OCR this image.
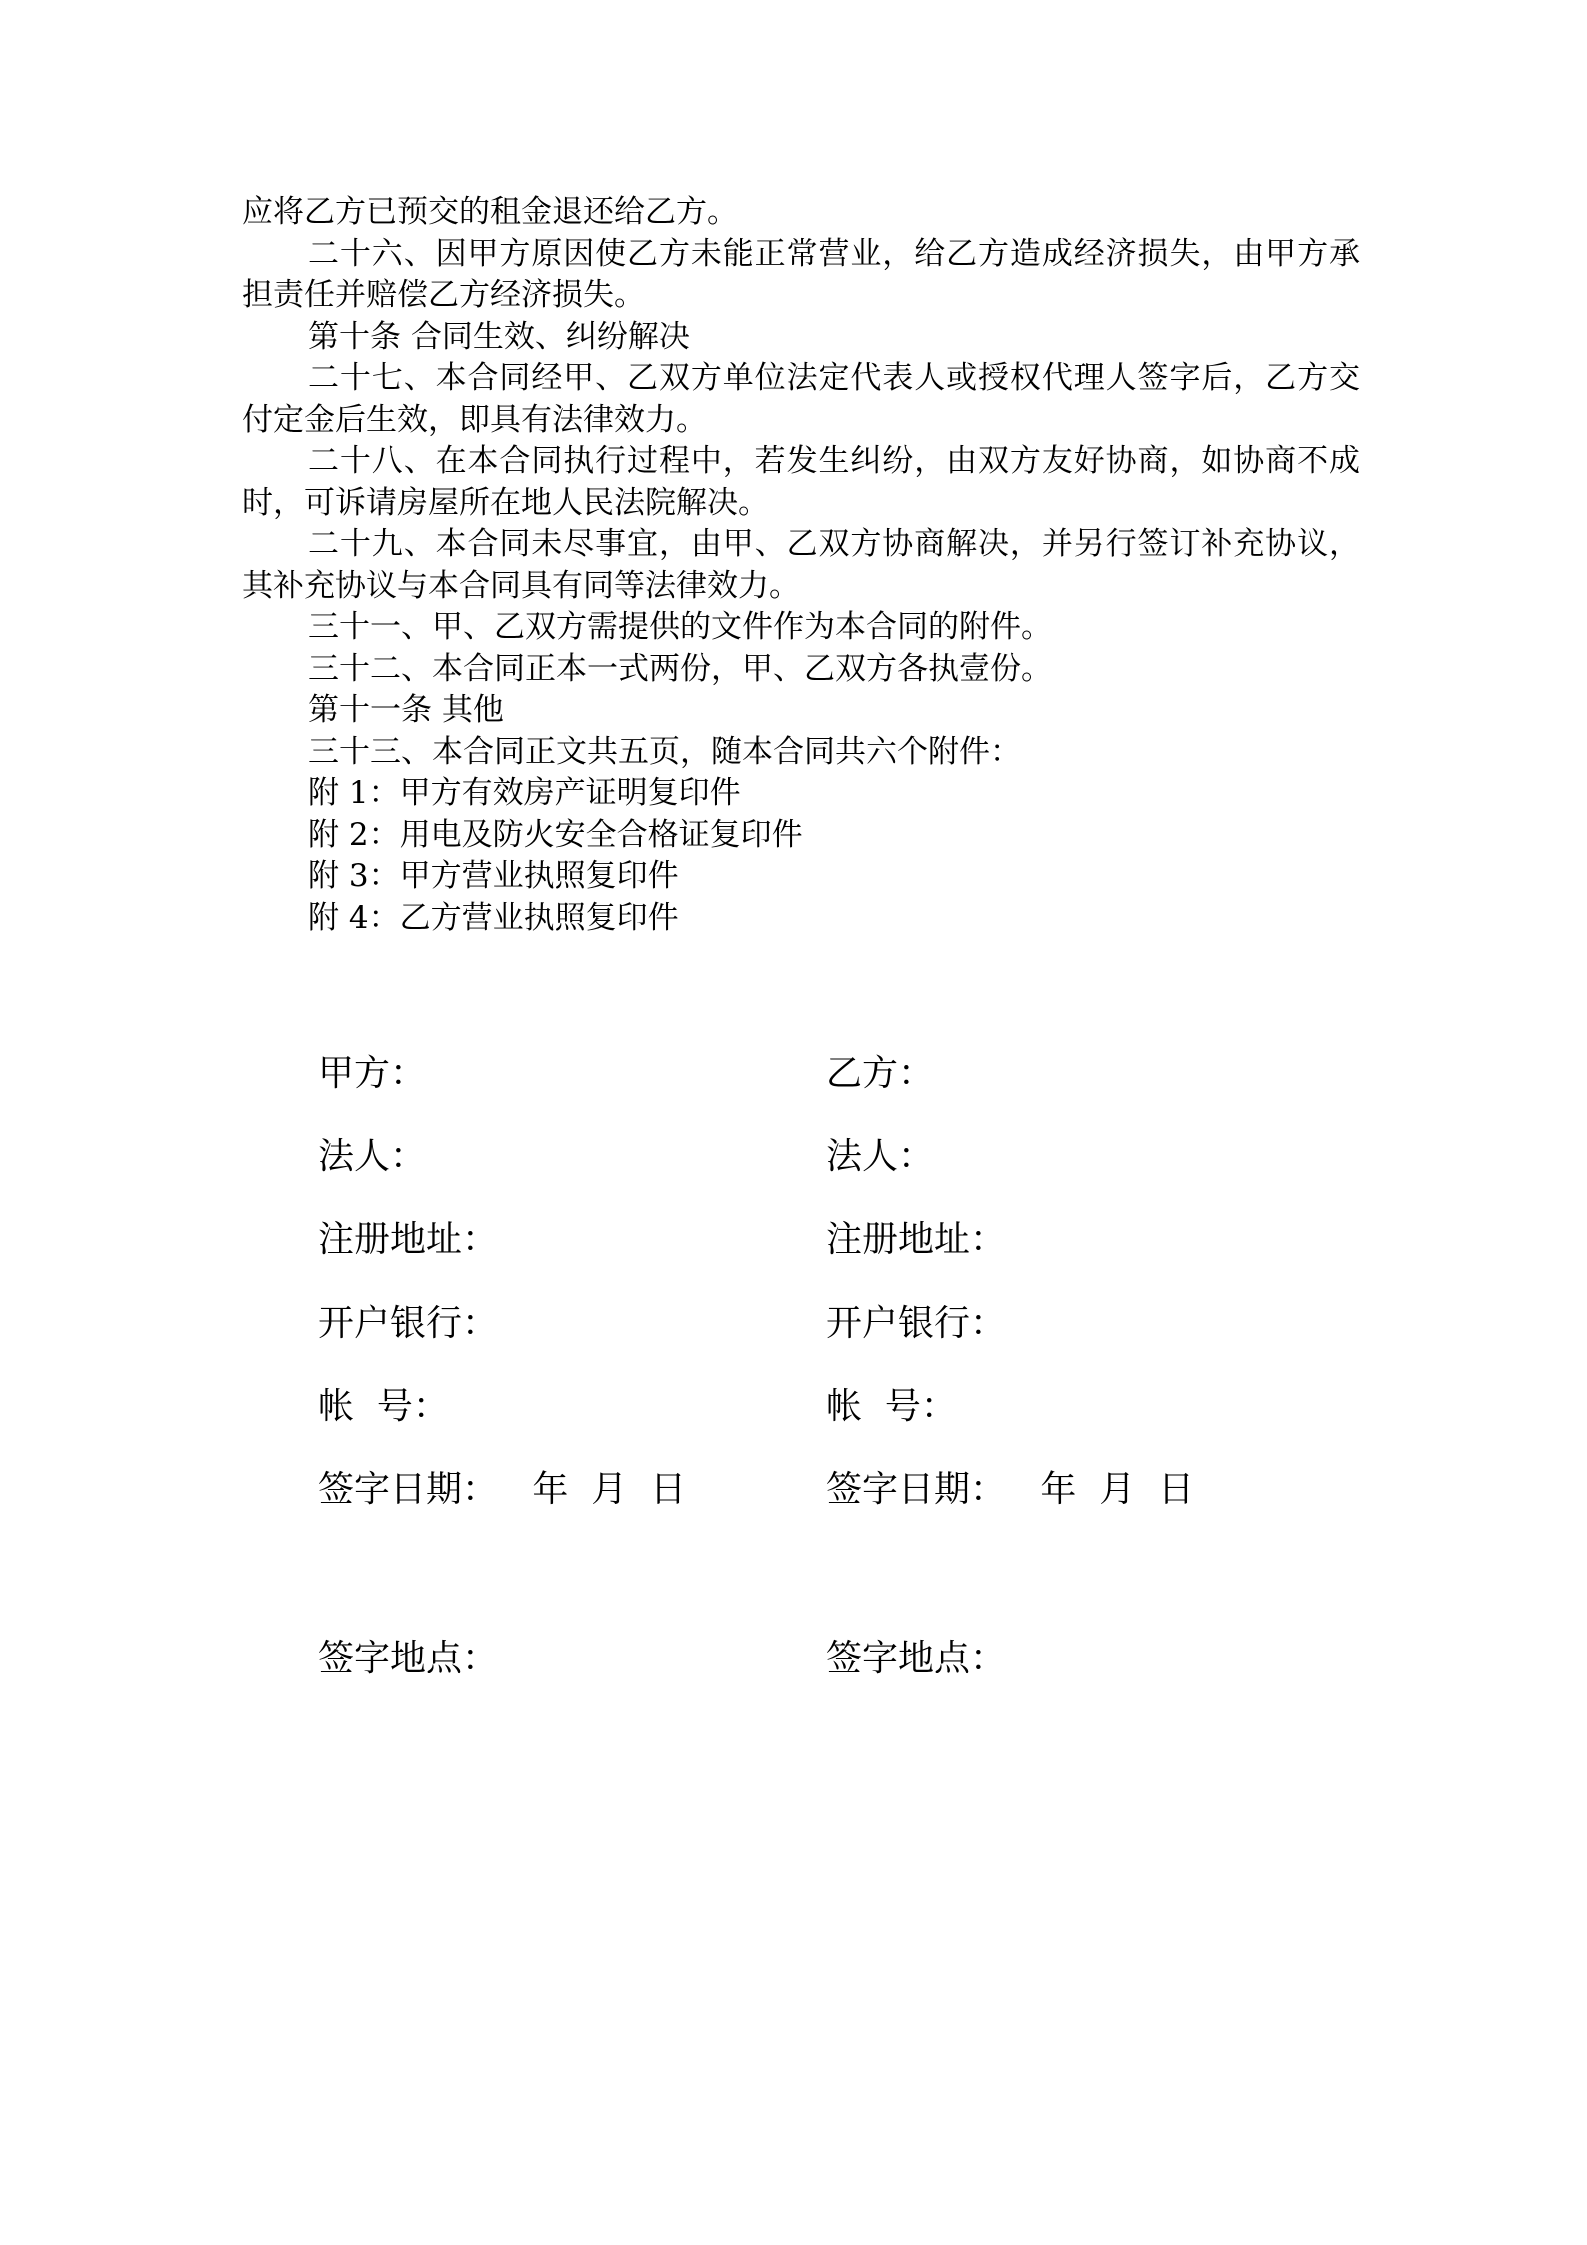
应将乙方已预交的租金退还给乙方。

二十六、因甲方原因使乙方未能正常营业，给乙方造成经济损失，由甲方承担责任并赔偿乙方经济损失。

第十条 合同生效、纠纷解决

二十七、本合同经甲、乙双方单位法定代表人或授权代理人签字后，乙方交付定金后生效，即具有法律效力。

二十八、在本合同执行过程中，若发生纠纷，由双方友好协商，如协商不成时，可诉请房屋所在地人民法院解决。

二十九、本合同未尽事宜，由甲、乙双方协商解决，并另行签订补充协议，其补充协议与本合同具有同等法律效力。

三十一、甲、乙双方需提供的文件作为本合同的附件。

三十二、本合同正本一式两份，甲、乙双方各执壹份。

第十一条 其他

三十三、本合同正文共五页，随本合同共六个附件：

附 1：甲方有效房产证明复印件

附 2：用电及防火安全合格证复印件

附 3：甲方营业执照复印件

附 4：乙方营业执照复印件

甲方：
法人：
注册地址：
开户银行：
帐  号：
签字日期：   年  月  日
签字地点：
乙方：
法人：
注册地址：
开户银行：
帐  号：
签字日期：   年  月  日
签字地点：
